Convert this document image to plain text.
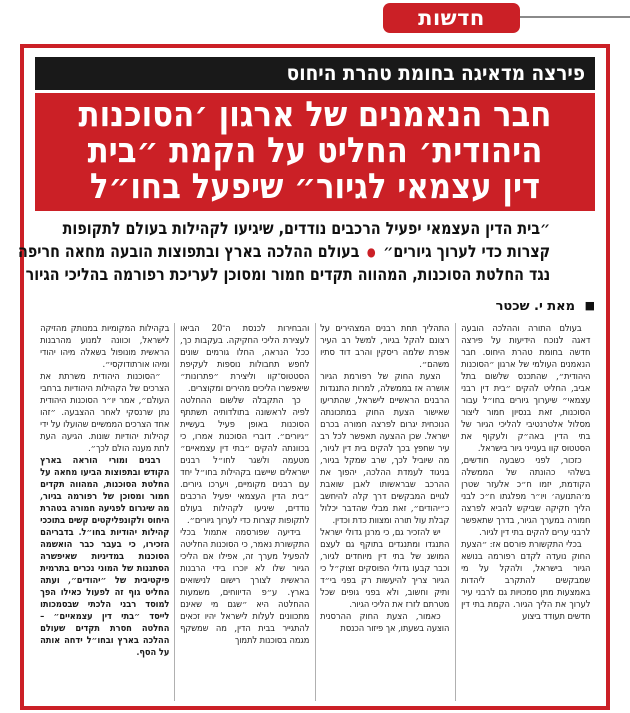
חדשות
פירצה מדאיגה בחומת טהרת היחוס
חבר הנאמנים של ארגון ׳הסוכנות
היהודית׳ החליט על הקמת ״בית
דין עצמאי לגיור״ שיפעל בחו״ל
״בית הדין העצמאי יפעיל הרכבים נודדים, שיגיעו לקהילות בעולם לתקופות
קצרות כדי לערוך גיורים״ ● בעולם ההלכה בארץ ובתפוצות הובעה מחאה חריפה
נגד החלטת הסוכנות, המהווה תקדים חמור ומסוכן לעריכת רפורמה בהליכי הגיור
■ מאת י. שכטר

בעולם התורה וההלכה הובעה דאגה לנוכח הידיעות על פירצה חדשה בחומת טהרת היחוס. חבר הנאמנים העולמי של ארגון ״הסוכנות היהודית״, שהתכנס שלשום בתל אביב, החליט להקים ״בית דין רבני עצמאי״ שיערוך גיורים בחו״ל עבור הסוכנות, זאת בנסיון חמור ליצור מסלול אלטרנטיבי להליכי הגיור של בתי הדין באה״ק ולעקוף את הסטטוס קוו בענייני גיור בישראל.

כזכור, לפני כשבעה חודשים, בשלהי כהונתה של הממשלה הקודמת, יזמו ח״כ אלעזר שטרן מ׳התנועה׳ ויו״ר מפלגתו ח״כ לבני הליך חקיקה שביקש להביא לפרצה חמורה במערך הגיור, בדרך שתאפשר לרבני ערים להקים בתי דין לגיור.

בכלי התקשורת פורסם אז: ״הצעת החוק נועדה לקדם רפורמה בנושא הגיור בישראל, ולהקל על מי שמבקשים להתקרב ליהדות באמצעות מתן סמכויות גם לרבני עיר לערוך את הליך הגיור. הקמת בתי דין חדשים תעודד ביצוע

התהליך תחת רבנים המצהירים על רצונם להקל בגיור, למשל רב העיר אפרת שלמה ריסקין והרב דוד סתיו משהם״.

הצעת החוק של רפורמת הגיור אושרה אז בממשלה, למרות התנגדות הרבנים הראשיים לישראל, שהתריעו שאישור הצעת החוק במתכונתה הנוכחית יגרום לפרצה חמורה בכרם ישראל. שכן ההצעה תאפשר לכל רב עיר שחפץ בכך להקים בית דין לגיור, מה שיוביל לכך, שרב שמקל בגיור, בניגוד לעמדת ההלכה, יהפוך את ההרכב שבראשותו לאבן שואבת לגויים המבקשים דרך קלה להיחשב כ״יהודים״, זאת מבלי שהדבר יכלול קבלת עול תורה ומצוות כדת וכדין.

יש להזכיר גם, כי מרנן גדולי ישראל התנגדו ומתנגדים בתוקף גם לעצם המושג של בתי דין מיוחדים לגיור, וכבר קבעו גדולי הפוסקים זצוק״ל כי הגיור צריך להיעשות רק בפני בי״ד ותיק וחשוב, ולא בפני גופים שכל מטרתם לזרז את הליכי הגיור.

כאמור, הצעת החוק ההרסנית הוצעה בשעתו, אך פיזור הכנסת

והבחירות לכנסת ה־20 הביאו לעצירת הליכי החקיקה. בעקבות כך, ככל הנראה, החלו גורמים שונים לחפש תחבולות נוספות לעקיפת הסטטוס־קוו וליצירת ״פתרונות״ שיאפשרו הליכים מהירים ומקוצרים.

כך התקבלה שלשום ההחלטה לפיה לראשונה בתולדותיה תשתתף הסוכנות באופן פעיל בעשיית ״גיורים״. דוברי הסוכנות אמרו, כי בכוונתה להקים ״בתי דין עצמאיים״ מטעמה ולשגר לחו״ל רבנים ישראלים שיישבו בקהילות בחו״ל יחד עם רבנים מקומיים, ויערכו גיורים. ״בית הדין העצמאי יפעיל הרכבים נודדים, שיגיעו לקהילות בעולם לתקופות קצרות כדי לערוך גיורים״.

בידיעה שפורסמה אתמול בכלי התקשורת נאמר, כי הסוכנות החליטה להפעיל מערך זה, אפילו אם הליכי הגיור שלו לא יוכרו בידי הרבנות הראשית לצורך רישום לנישואים בארץ. ע״פ הדיווחים, משמעות ההחלטה היא ״שגם מי שאינם מתכוונים לעלות לישראל יהיו זכאים להתגייר בבית הדין, מה שמשקף מגמה בסוכנות לתמוך

בקהילות המקומיות במנותק מהזיקה לישראל, וכוונה למנוע מהרבנות הראשית מונופול בשאלה מיהו יהודי ומיהו אורתודוקסי״.

״הסוכנות היהודית משרתת את הצרכים של הקהילות היהודיות ברחבי העולם״, אמר יו״ר הסוכנות היהודית נתן שרנסקי לאחר ההצבעה. ״זהו אחד הצרכים הממשיים שהועלו על ידי קהילות יהודיות שונות. הגיעה העת לתת מענה הולם לכך״.

רבנים ומורי הוראה בארץ הקודש ובתפוצות הביעו מחאה על החלטת הסוכנות, המהווה תקדים חמור ומסוכן של רפורמה בגיור, מה שיגרום לפגיעה חמורה בטהרת היחוס ולקונפליקטים קשים בתוככי קהילות יהודיות בחו״ל. בדבריהם הזכירו, כי בעבר כבר הואשמה הסוכנות במדיניות שאיפשרה הסתננות של המוני נכרים בתרמית פיקטיבית של ״יהודים״, ועתה החליט גוף זה לפעול כאילו הפך למוסד רבני הלכתי שבסמכותו לייסד ״בתי דין עצמאיים״ – החלטה חסרת תקדים שעולם ההלכה בארץ ובחו״ל ידחה אותה על הסף.
